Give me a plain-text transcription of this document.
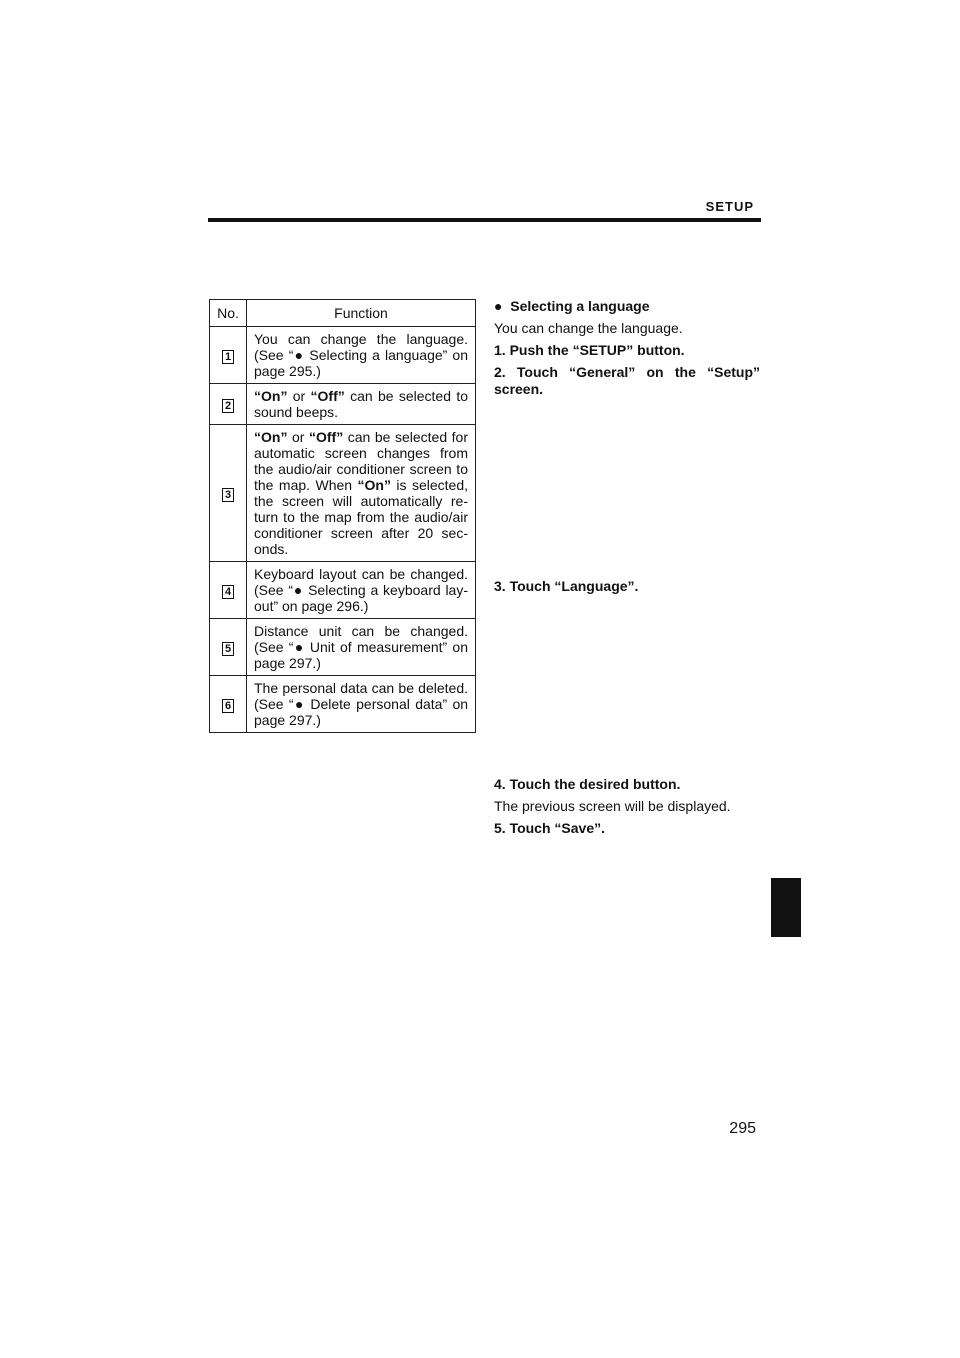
SETUP
No.	Function
1	You can change the language. (See “● Selecting a language” on page 295.)
2	“On” or “Off” can be selected to sound beeps.
3	“On” or “Off” can be selected for automatic screen changes from the audio/air conditioner screen to the map. When “On” is selected, the screen will automatically re-turn to the map from the audio/air conditioner screen after 20 sec-onds.
4	Keyboard layout can be changed. (See “● Selecting a keyboard lay-out” on page 296.)
5	Distance unit can be changed. (See “● Unit of measurement” on page 297.)
6	The personal data can be deleted. (See “● Delete personal data” on page 297.)
● Selecting a language
You can change the language.
1. Push the “SETUP” button.
2. Touch “General” on the “Setup” screen.
3. Touch “Language”.
4. Touch the desired button.
The previous screen will be displayed.
5. Touch “Save”.
295
